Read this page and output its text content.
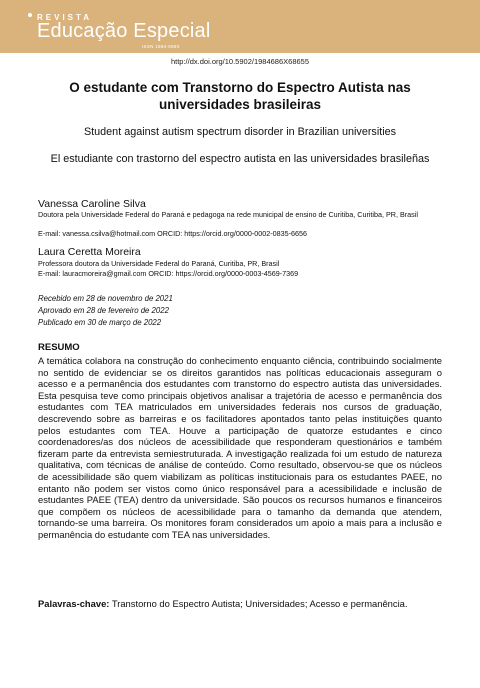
REVISTA
Educação Especial
ISSN 1984-686X
http://dx.doi.org/10.5902/1984686X68655
O estudante com Transtorno do Espectro Autista nas universidades brasileiras
Student against autism spectrum disorder in Brazilian universities
El estudiante con trastorno del espectro autista en las universidades brasileñas
Vanessa Caroline Silva
Doutora pela Universidade Federal do Paraná e pedagoga na rede municipal de ensino de Curitiba, Curitiba, PR, Brasil
E-mail: vanessa.csilva@hotmail.com ORCID: https://orcid.org/0000-0002-0835-6656
Laura Ceretta Moreira
Professora doutora da Universidade Federal do Paraná, Curitiba, PR, Brasil
E-mail: lauracmoreira@gmail.com ORCID: https://orcid.org/0000-0003-4569-7369
Recebido em 28 de novembro de 2021
Aprovado em 28 de fevereiro de 2022
Publicado em 30 de março de 2022
RESUMO
A temática colabora na construção do conhecimento enquanto ciência, contribuindo socialmente no sentido de evidenciar se os direitos garantidos nas políticas educacionais asseguram o acesso e a permanência dos estudantes com transtorno do espectro autista das universidades. Esta pesquisa teve como principais objetivos analisar a trajetória de acesso e permanência dos estudantes com TEA matriculados em universidades federais nos cursos de graduação, descrevendo sobre as barreiras e os facilitadores apontados tanto pelas instituições quanto pelos estudantes com TEA. Houve a participação de quatorze estudantes e cinco coordenadores/as dos núcleos de acessibilidade que responderam questionários e também fizeram parte da entrevista semiestruturada. A investigação realizada foi um estudo de natureza qualitativa, com técnicas de análise de conteúdo. Como resultado, observou-se que os núcleos de acessibilidade são quem viabilizam as políticas institucionais para os estudantes PAEE, no entanto não podem ser vistos como único responsável para a acessibilidade e inclusão de estudantes PAEE (TEA) dentro da universidade. São poucos os recursos humanos e financeiros que compõem os núcleos de acessibilidade para o tamanho da demanda que atendem, tornando-se uma barreira. Os monitores foram considerados um apoio a mais para a inclusão e permanência do estudante com TEA nas universidades.
Palavras-chave: Transtorno do Espectro Autista; Universidades; Acesso e permanência.
